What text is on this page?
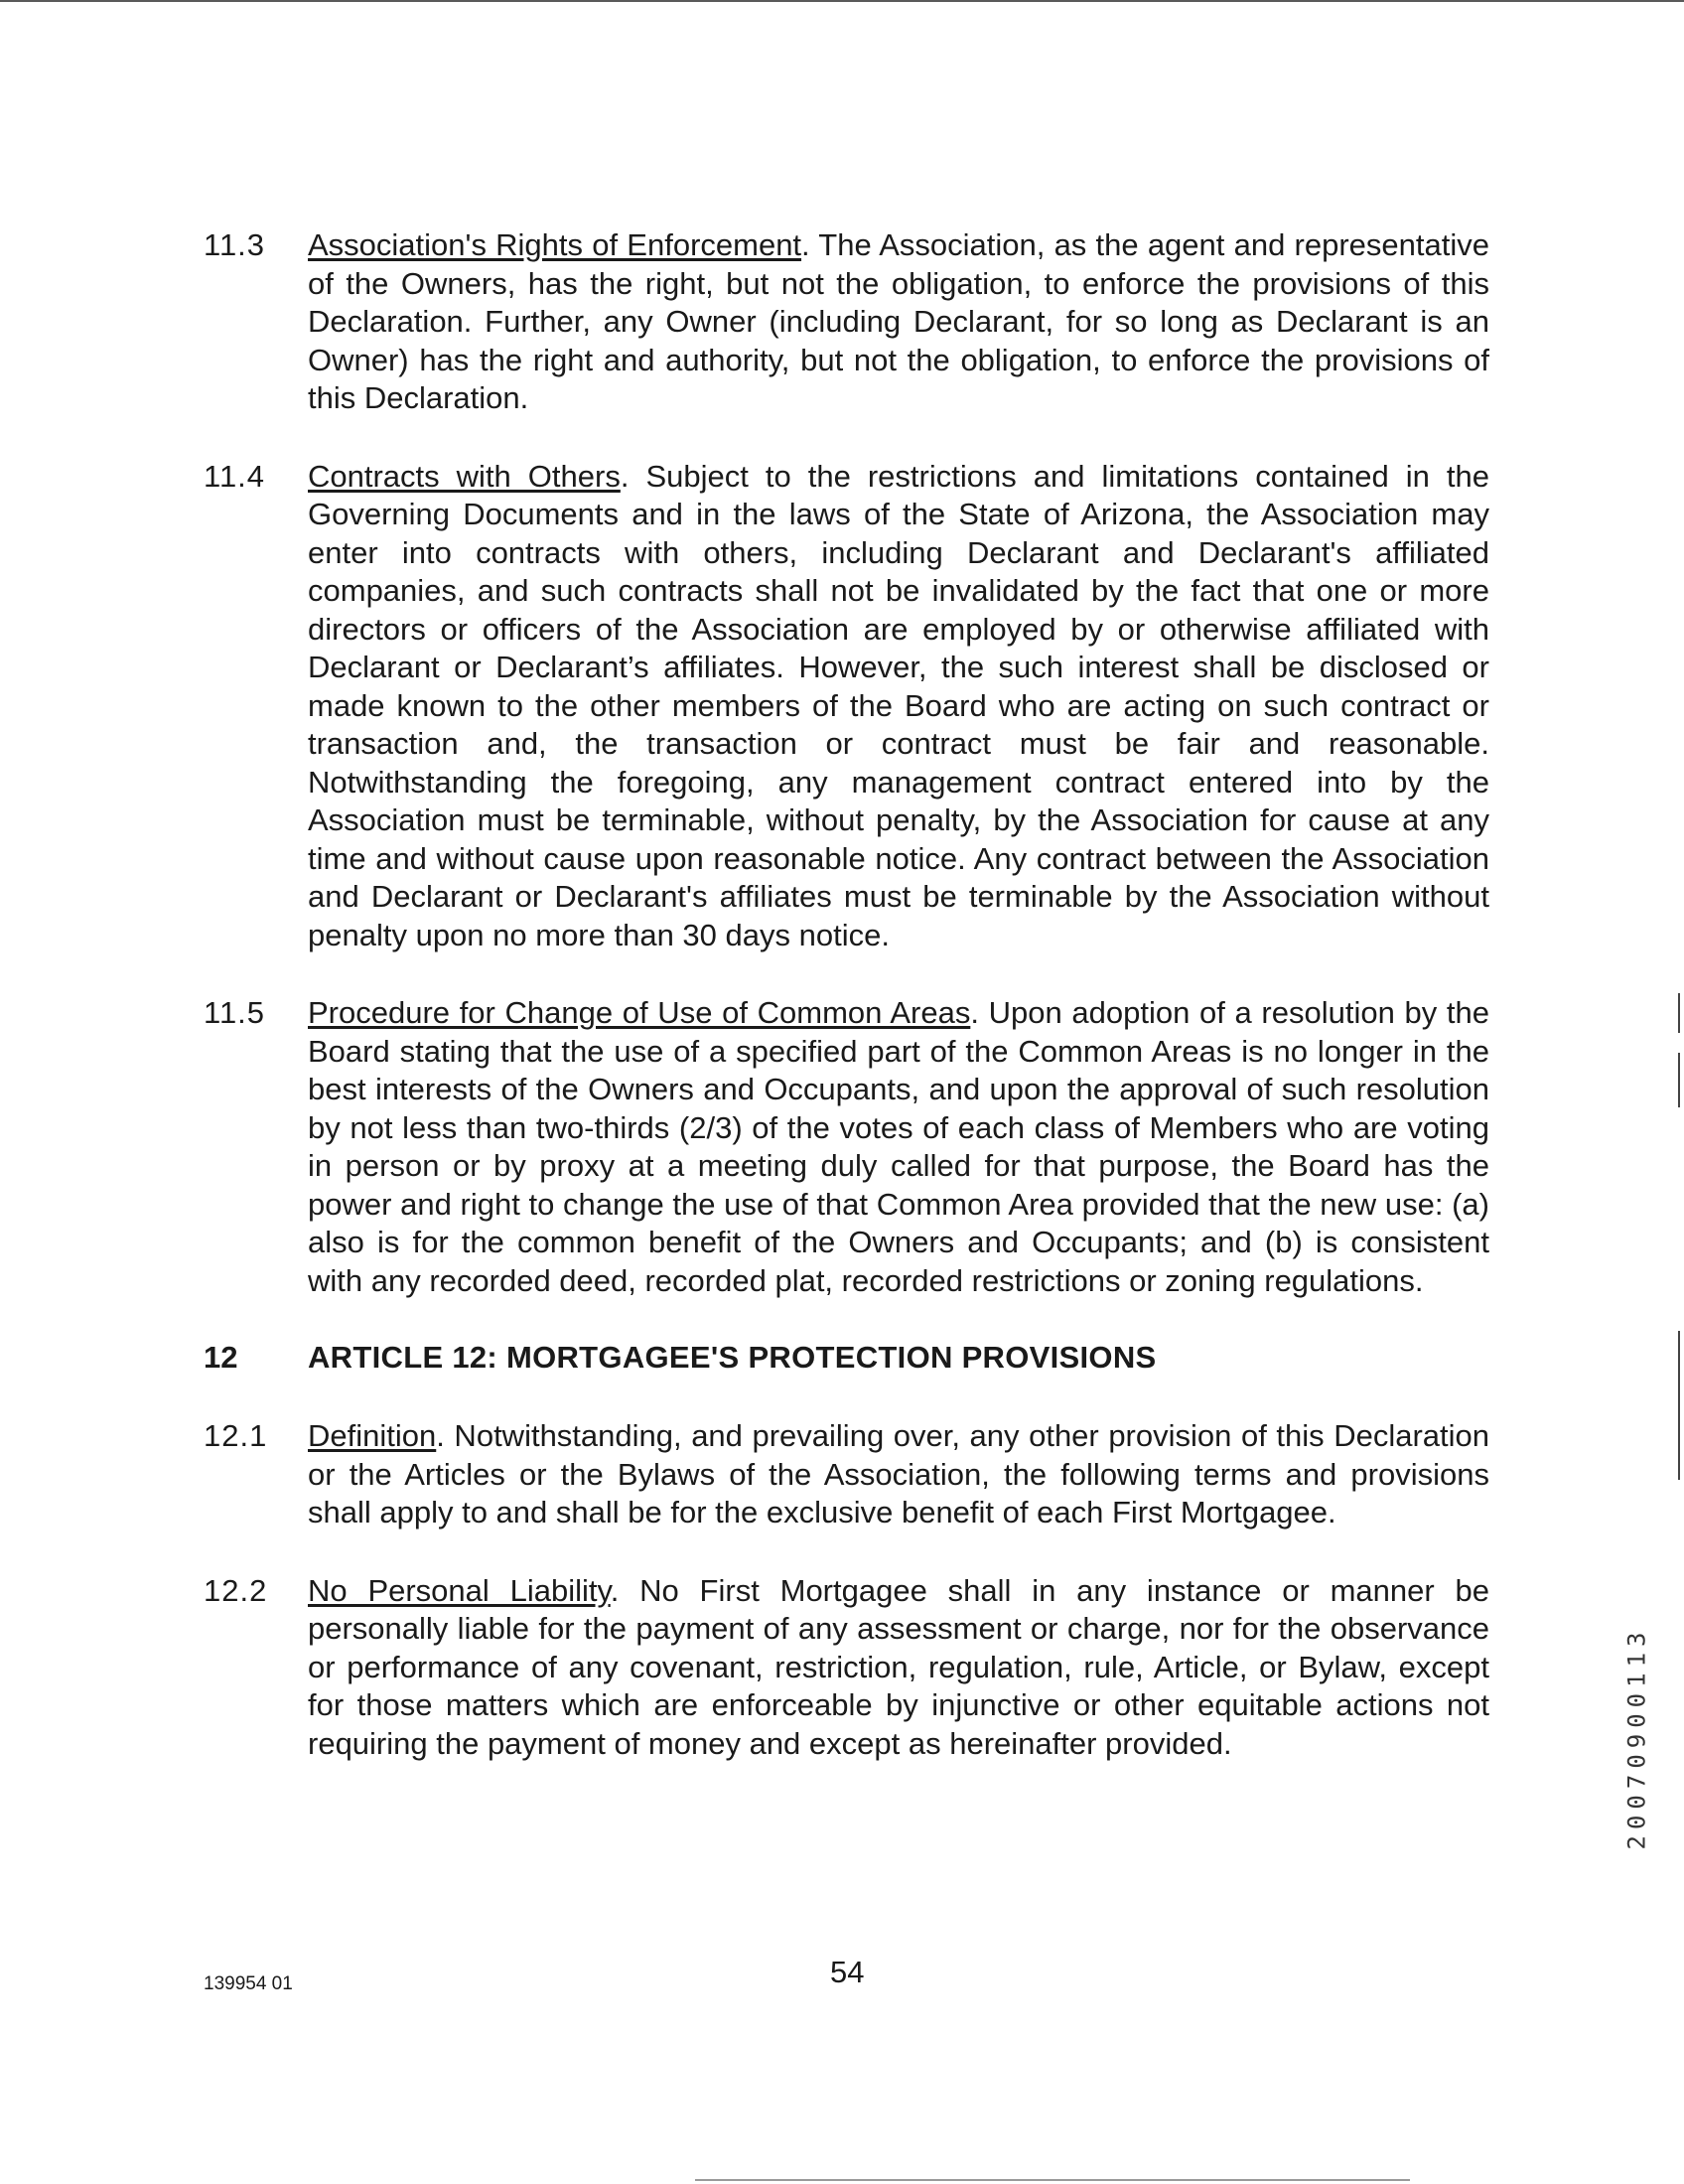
11.3	Association's Rights of Enforcement. The Association, as the agent and representative of the Owners, has the right, but not the obligation, to enforce the provisions of this Declaration. Further, any Owner (including Declarant, for so long as Declarant is an Owner) has the right and authority, but not the obligation, to enforce the provisions of this Declaration.
11.4	Contracts with Others. Subject to the restrictions and limitations contained in the Governing Documents and in the laws of the State of Arizona, the Association may enter into contracts with others, including Declarant and Declarant's affiliated companies, and such contracts shall not be invalidated by the fact that one or more directors or officers of the Association are employed by or otherwise affiliated with Declarant or Declarant’s affiliates. However, the such interest shall be disclosed or made known to the other members of the Board who are acting on such contract or transaction and, the transaction or contract must be fair and reasonable. Notwithstanding the foregoing, any management contract entered into by the Association must be terminable, without penalty, by the Association for cause at any time and without cause upon reasonable notice. Any contract between the Association and Declarant or Declarant's affiliates must be terminable by the Association without penalty upon no more than 30 days notice.
11.5	Procedure for Change of Use of Common Areas. Upon adoption of a resolution by the Board stating that the use of a specified part of the Common Areas is no longer in the best interests of the Owners and Occupants, and upon the approval of such resolution by not less than two-thirds (2/3) of the votes of each class of Members who are voting in person or by proxy at a meeting duly called for that purpose, the Board has the power and right to change the use of that Common Area provided that the new use: (a) also is for the common benefit of the Owners and Occupants; and (b) is consistent with any recorded deed, recorded plat, recorded restrictions or zoning regulations.
12	ARTICLE 12: MORTGAGEE'S PROTECTION PROVISIONS
12.1	Definition. Notwithstanding, and prevailing over, any other provision of this Declaration or the Articles or the Bylaws of the Association, the following terms and provisions shall apply to and shall be for the exclusive benefit of each First Mortgagee.
12.2	No Personal Liability. No First Mortgagee shall in any instance or manner be personally liable for the payment of any assessment or charge, nor for the observance or performance of any covenant, restriction, regulation, rule, Article, or Bylaw, except for those matters which are enforceable by injunctive or other equitable actions not requiring the payment of money and except as hereinafter provided.
139954 01	54
20070900113
